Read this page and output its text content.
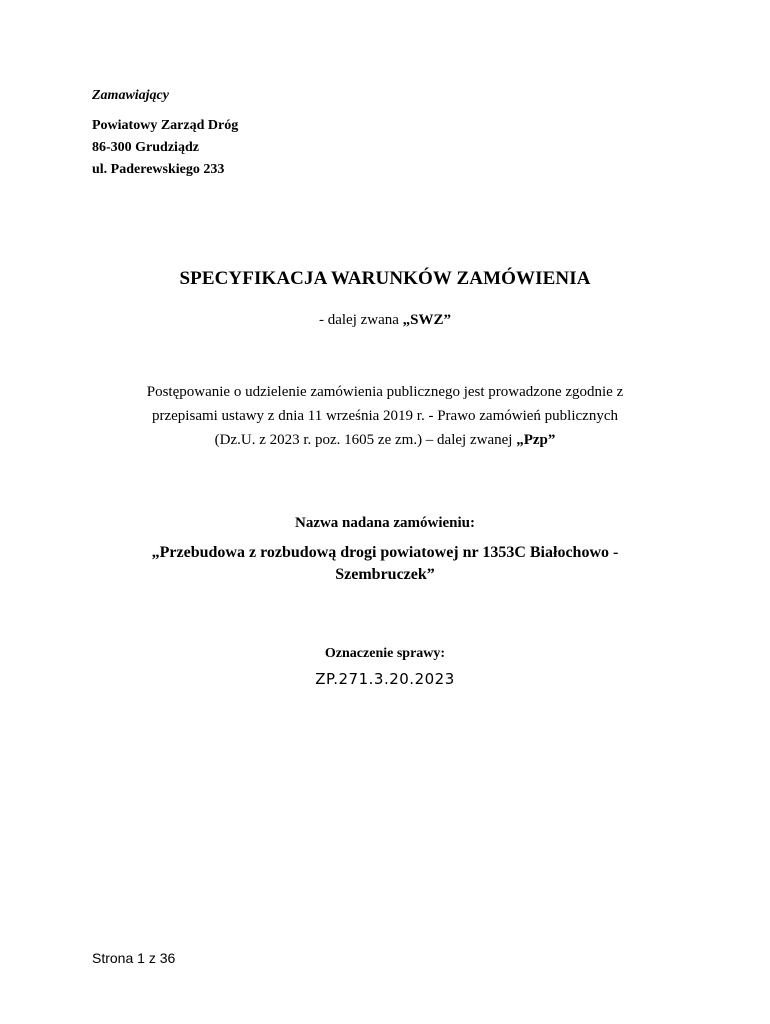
Zamawiający
Powiatowy Zarząd Dróg
86-300 Grudziądz
ul. Paderewskiego 233
SPECYFIKACJA WARUNKÓW ZAMÓWIENIA
- dalej zwana „SWZ”
Postępowanie o udzielenie zamówienia publicznego jest prowadzone zgodnie z
przepisami ustawy z dnia 11 września 2019 r. - Prawo zamówień publicznych
(Dz.U. z 2023 r. poz. 1605 ze zm.) – dalej zwanej „Pzp”
Nazwa nadana zamówieniu:
„Przebudowa z rozbudową drogi powiatowej nr 1353C Białochowo -
Szembruczek”
Oznaczenie sprawy:
ZP.271.3.20.2023
Strona 1 z 36
